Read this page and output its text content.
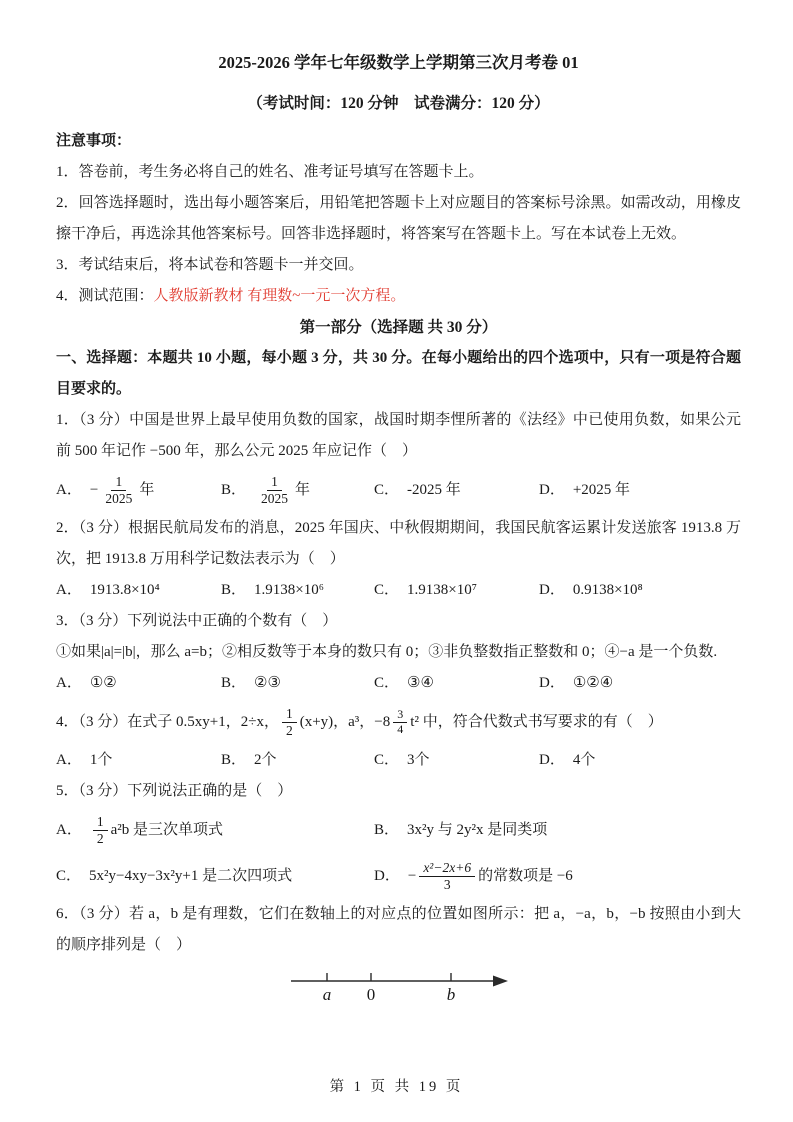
2025-2026 学年七年级数学上学期第三次月考卷 01

（考试时间：120 分钟　试卷满分：120 分）

注意事项：

1．答卷前，考生务必将自己的姓名、准考证号填写在答题卡上。

2．回答选择题时，选出每小题答案后，用铅笔把答题卡上对应题目的答案标号涂黑。如需改动，用橡皮擦干净后，再选涂其他答案标号。回答非选择题时，将答案写在答题卡上。写在本试卷上无效。

3．考试结束后，将本试卷和答题卡一并交回。

4．测试范围：人教版新教材 有理数~一元一次方程。

第一部分（选择题 共 30 分）

一、选择题：本题共 10 小题，每小题 3 分，共 30 分。在每小题给出的四个选项中，只有一项是符合题目要求的。

1．（3 分）中国是世界上最早使用负数的国家，战国时期李悝所著的《法经》中已使用负数，如果公元前 500 年记作 −500 年，那么公元 2025 年应记作（　）

A． − $\frac{1}{2025}$ 年	B． $\frac{1}{2025}$ 年	C． -2025 年	D． +2025 年

2．（3 分）根据民航局发布的消息，2025 年国庆、中秋假期期间，我国民航客运累计发送旅客 1913.8 万次，把 1913.8 万用科学记数法表示为（　）

A． 1913.8×10⁴	B． 1.9138×10⁶	C． 1.9138×10⁷	D． 0.9138×10⁸

3．（3 分）下列说法中正确的个数有（　）

①如果|a|=|b|，那么 a=b；②相反数等于本身的数只有 0；③非负整数指正整数和 0；④−a 是一个负数.

A． ①②	B． ②③	C． ③④	D． ①②④

4．（3 分）在式子 0.5xy+1，2÷x， $\frac{1}{2} (x+y)$，a³，$-8 \frac{3}{4} t^2$ 中，符合代数式书写要求的有（　）

A． 1个	B． 2个	C． 3个	D． 4个

5．（3 分）下列说法正确的是（　）

A． $\frac{1}{2} a^2b$ 是三次单项式	B． 3x²y 与 2y²x 是同类项
C． 5x²y−4xy−3x²y+1 是二次四项式	D． − $\frac{\text{x²−2x+6}}{3}$ 的常数项是 −6

6．（3 分）若 a，b 是有理数，它们在数轴上的对应点的位置如图所示：把 a，−a，b，−b 按照由小到大的顺序排列是（　）

a 0	b
第 1 页 共 19 页
